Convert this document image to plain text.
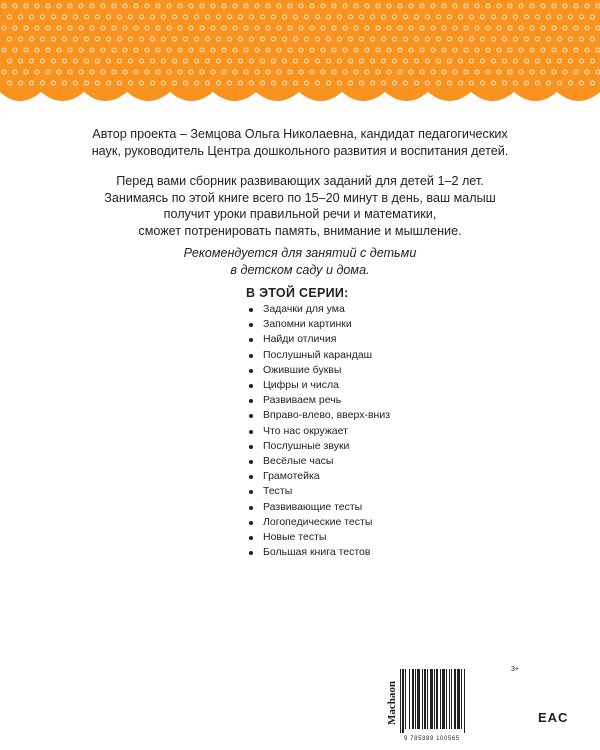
Автор проекта – Земцова Ольга Николаевна, кандидат педагогических
наук, руководитель Центра дошкольного развития и воспитания детей.

Перед вами сборник развивающих заданий для детей 1–2 лет.
Занимаясь по этой книге всего по 15–20 минут в день, ваш малыш
получит уроки правильной речи и математики,
сможет потренировать память, внимание и мышление.

Рекомендуется для занятий с детьми
в детском саду и дома.

В ЭТОЙ СЕРИИ:
Задачки для ума
Запомни картинки
Найди отличия
Послушный карандаш
Ожившие буквы
Цифры и числа
Развиваем речь
Вправо-влево, вверх-вниз
Что нас окружает
Послушные звуки
Весёлые часы
Грамотейка
Тесты
Развивающие тесты
Логопедические тесты
Новые тесты
Большая книга тестов
Machaon
3+
9 785389 100565
EAC
